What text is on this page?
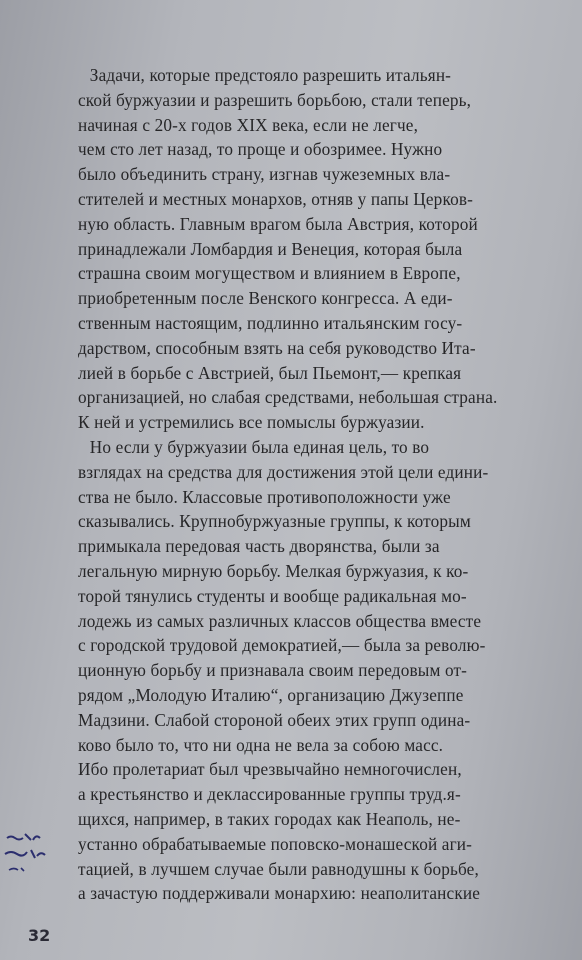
Задачи, которые предстояло разрешить итальян-
ской буржуазии и разрешить борьбою, стали теперь,
начиная с 20-х годов XIX века, если не легче,
чем сто лет назад, то проще и обозримее. Нужно
было объединить страну, изгнав чужеземных вла-
стителей и местных монархов, отняв у папы Церков-
ную область. Главным врагом была Австрия, которой
принадлежали Ломбардия и Венеция, которая была
страшна своим могуществом и влиянием в Европе,
приобретенным после Венского конгресса. А еди-
ственным настоящим, подлинно итальянским госу-
дарством, способным взять на себя руководство Ита-
лией в борьбе с Австрией, был Пьемонт,— крепкая
организацией, но слабая средствами, небольшая страна.
К ней и устремились все помыслы буржуазии.
Но если у буржуазии была единая цель, то во
взглядах на средства для достижения этой цели едини-
ства не было. Классовые противоположности уже
сказывались. Крупнобуржуазные группы, к которым
примыкала передовая часть дворянства, были за
легальную мирную борьбу. Мелкая буржуазия, к ко-
торой тянулись студенты и вообще радикальная мо-
лодежь из самых различных классов общества вместе
с городской трудовой демократией,— была за револю-
ционную борьбу и признавала своим передовым от-
рядом „Молодую Италию“, организацию Джузеппе
Мадзини. Слабой стороной обеих этих групп одина-
ково было то, что ни одна не вела за собою масс.
Ибо пролетариат был чрезвычайно немногочислен,
а крестьянство и деклассированные группы труд.я-
щихся, например, в таких городах как Неаполь, не-
устанно обрабатываемые поповско-монашеской аги-
тацией, в лучшем случае были равнодушны к борьбе,
а зачастую поддерживали монархию: неаполитанские
32
